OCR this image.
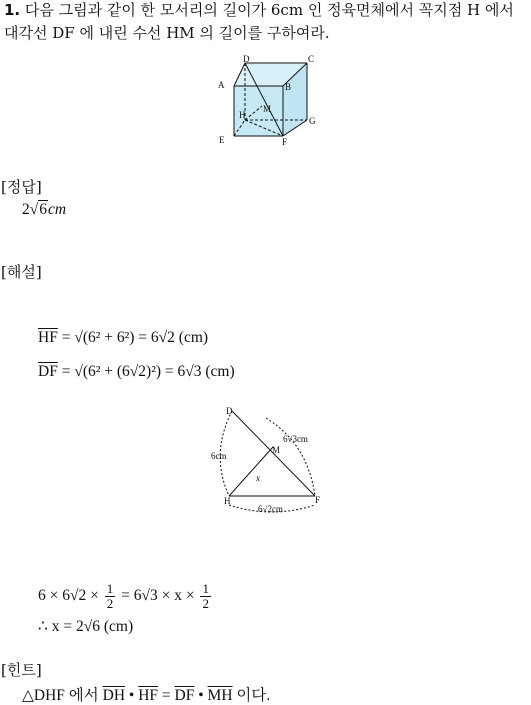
1. 다음 그림과 같이 한 모서리의 길이가 6cm 인 정육면체에서 꼭지점 H 에서
대각선 DF 에 내린 수선 HM 의 길이를 구하여라.
D	C
A	B
M
H
G
E	F
[정답]
2√6cm
[해설]
$\overline{HF} = √(6^2 + 6^2) = 6√2$ (cm)
$\overline{DF} = √(6^2 + (6√2)^2) = 6√3$ (cm)
D
M
H	F
6cm
6√2cm
6√3cm
x
$6 \times 6√2 \times \frac{1}{2} = 6√3 \times x \times \frac{1}{2}$
∴ x = 2√6 (cm)
[힌트]
△DHF 에서 $\overline{DH}$ • $\overline{HF} = \overline{DF}$ • $\overline{MH}$ 이다.
